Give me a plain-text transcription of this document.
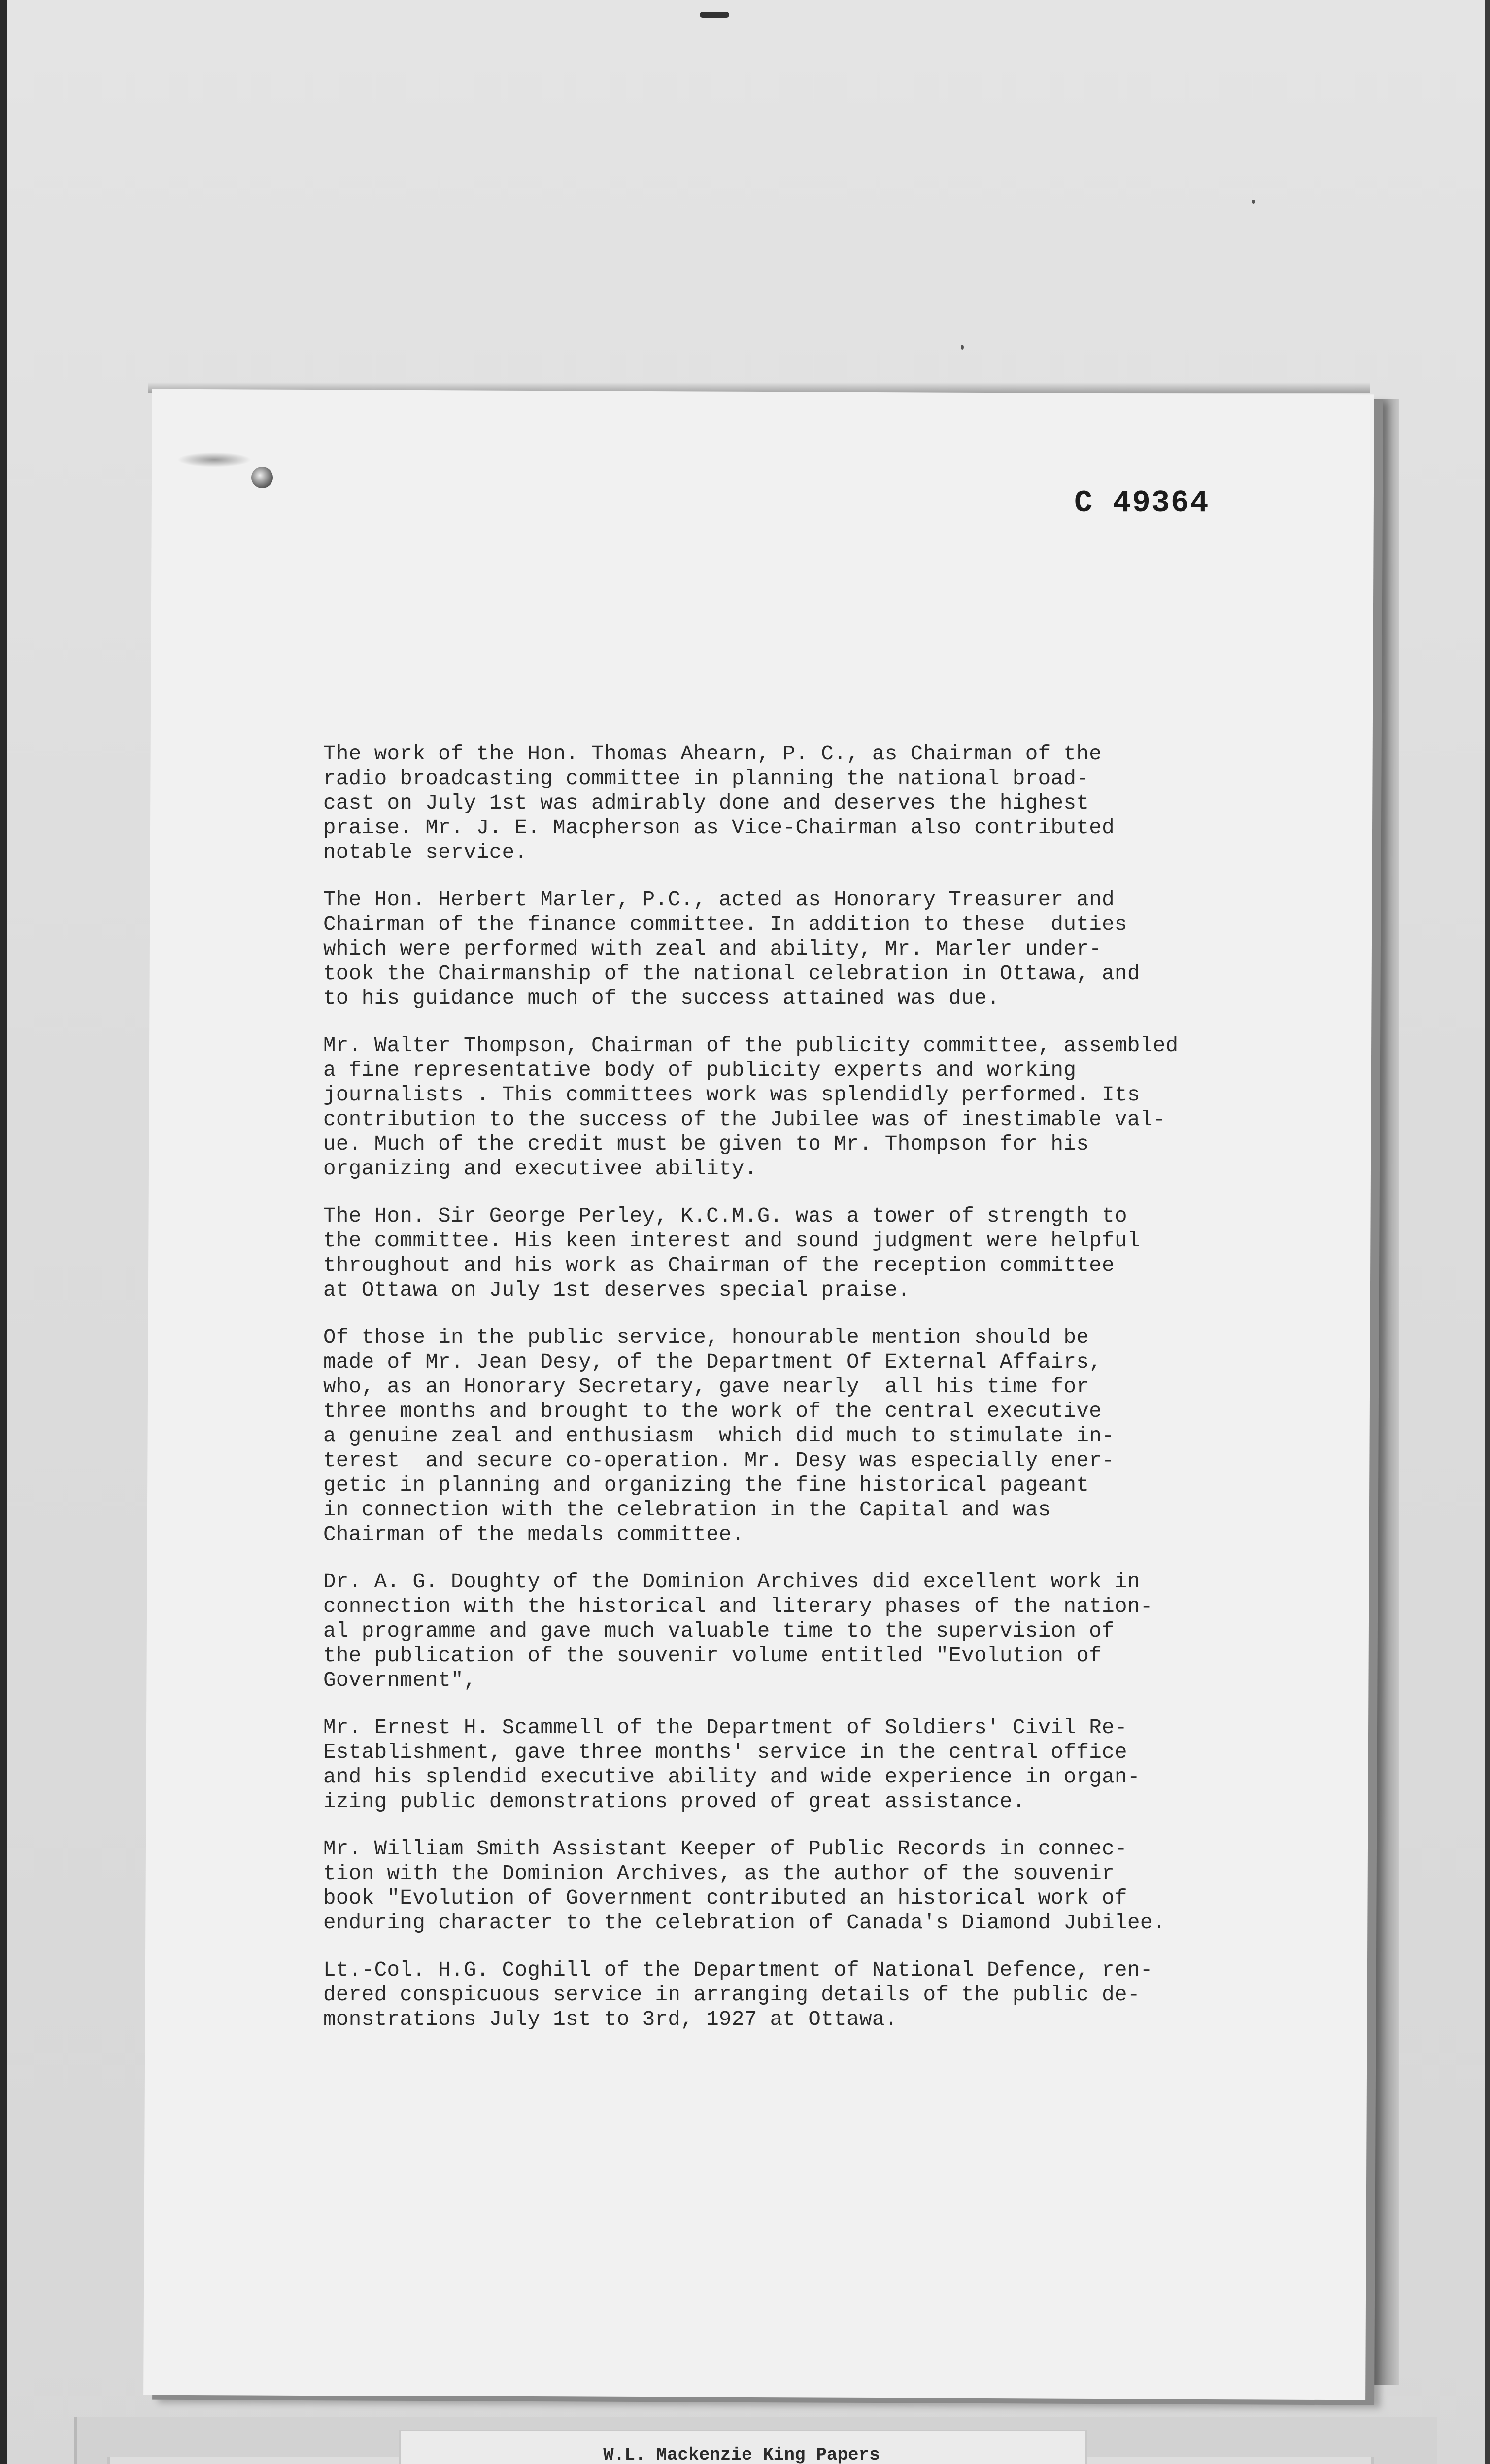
C 49364
The work of the Hon. Thomas Ahearn, P. C., as Chairman of the
radio broadcasting committee in planning the national broad-
cast on July 1st was admirably done and deserves the highest
praise. Mr. J. E. Macpherson as Vice-Chairman also contributed
notable service.
The Hon. Herbert Marler, P.C., acted as Honorary Treasurer and
Chairman of the finance committee. In addition to these  duties
which were performed with zeal and ability, Mr. Marler under-
took the Chairmanship of the national celebration in Ottawa, and
to his guidance much of the success attained was due.
Mr. Walter Thompson, Chairman of the publicity committee, assembled
a fine representative body of publicity experts and working
journalists . This committees work was splendidly performed. Its
contribution to the success of the Jubilee was of inestimable val-
ue. Much of the credit must be given to Mr. Thompson for his
organizing and executivee ability.
The Hon. Sir George Perley, K.C.M.G. was a tower of strength to
the committee. His keen interest and sound judgment were helpful
throughout and his work as Chairman of the reception committee
at Ottawa on July 1st deserves special praise.
Of those in the public service, honourable mention should be
made of Mr. Jean Desy, of the Department Of External Affairs,
who, as an Honorary Secretary, gave nearly  all his time for
three months and brought to the work of the central executive
a genuine zeal and enthusiasm  which did much to stimulate in-
terest  and secure co-operation. Mr. Desy was especially ener-
getic in planning and organizing the fine historical pageant
in connection with the celebration in the Capital and was
Chairman of the medals committee.
Dr. A. G. Doughty of the Dominion Archives did excellent work in
connection with the historical and literary phases of the nation-
al programme and gave much valuable time to the supervision of
the publication of the souvenir volume entitled "Evolution of
Government",
Mr. Ernest H. Scammell of the Department of Soldiers' Civil Re-
Establishment, gave three months' service in the central office
and his splendid executive ability and wide experience in organ-
izing public demonstrations proved of great assistance.
Mr. William Smith Assistant Keeper of Public Records in connec-
tion with the Dominion Archives, as the author of the souvenir
book "Evolution of Government contributed an historical work of
enduring character to the celebration of Canada's Diamond Jubilee.
Lt.-Col. H.G. Coghill of the Department of National Defence, ren-
dered conspicuous service in arranging details of the public de-
monstrations July 1st to 3rd, 1927 at Ottawa.
W.L. Mackenzie King Papers
